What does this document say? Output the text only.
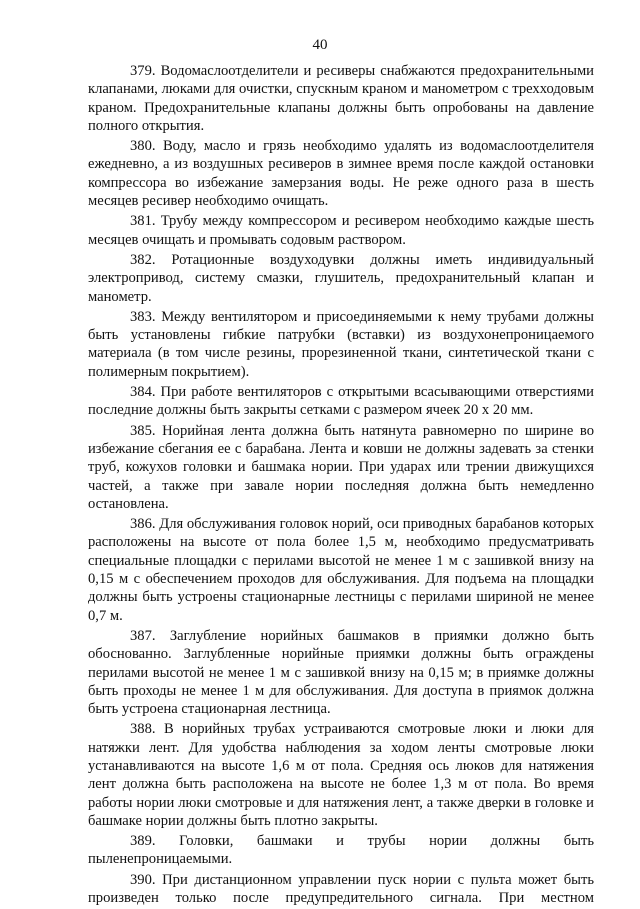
40

379. Водомаслоотделители и ресиверы снабжаются предохранительными клапанами, люками для очистки, спускным краном и манометром с трехходовым краном. Предохранительные клапаны должны быть опробованы на давление полного открытия.

380. Воду, масло и грязь необходимо удалять из водомаслоотделителя ежедневно, а из воздушных ресиверов в зимнее время после каждой остановки компрессора во избежание замерзания воды. Не реже одного раза в шесть месяцев ресивер необходимо очищать.

381. Трубу между компрессором и ресивером необходимо каждые шесть месяцев очищать и промывать содовым раствором.

382. Ротационные воздуходувки должны иметь индивидуальный электропривод, систему смазки, глушитель, предохранительный клапан и манометр.

383. Между вентилятором и присоединяемыми к нему трубами должны быть установлены гибкие патрубки (вставки) из воздухонепроницаемого материала (в том числе резины, прорезиненной ткани, синтетической ткани с полимерным покрытием).

384. При работе вентиляторов с открытыми всасывающими отверстиями последние должны быть закрыты сетками с размером ячеек 20 х 20 мм.

385. Норийная лента должна быть натянута равномерно по ширине во избежание сбегания ее с барабана. Лента и ковши не должны задевать за стенки труб, кожухов головки и башмака нории. При ударах или трении движущихся частей, а также при завале нории последняя должна быть немедленно остановлена.

386. Для обслуживания головок норий, оси приводных барабанов которых расположены на высоте от пола более 1,5 м, необходимо предусматривать специальные площадки с перилами высотой не менее 1 м с зашивкой внизу на 0,15 м с обеспечением проходов для обслуживания. Для подъема на площадки должны быть устроены стационарные лестницы с перилами шириной не менее 0,7 м.

387. Заглубление норийных башмаков в приямки должно быть обоснованно. Заглубленные норийные приямки должны быть ограждены перилами высотой не менее 1 м с зашивкой внизу на 0,15 м; в приямке должны быть проходы не менее 1 м для обслуживания. Для доступа в приямок должна быть устроена стационарная лестница.

388. В норийных трубах устраиваются смотровые люки и люки для натяжки лент. Для удобства наблюдения за ходом ленты смотровые люки устанавливаются на высоте 1,6 м от пола. Средняя ось люков для натяжения лент должна быть расположена на высоте не более 1,3 м от пола. Во время работы нории люки смотровые и для натяжения лент, а также дверки в головке и башмаке нории должны быть плотно закрыты.

389. Головки, башмаки и трубы нории должны быть пыленепроницаемыми.

390. При дистанционном управлении пуск нории с пульта может быть произведен только после предупредительного сигнала. При местном
